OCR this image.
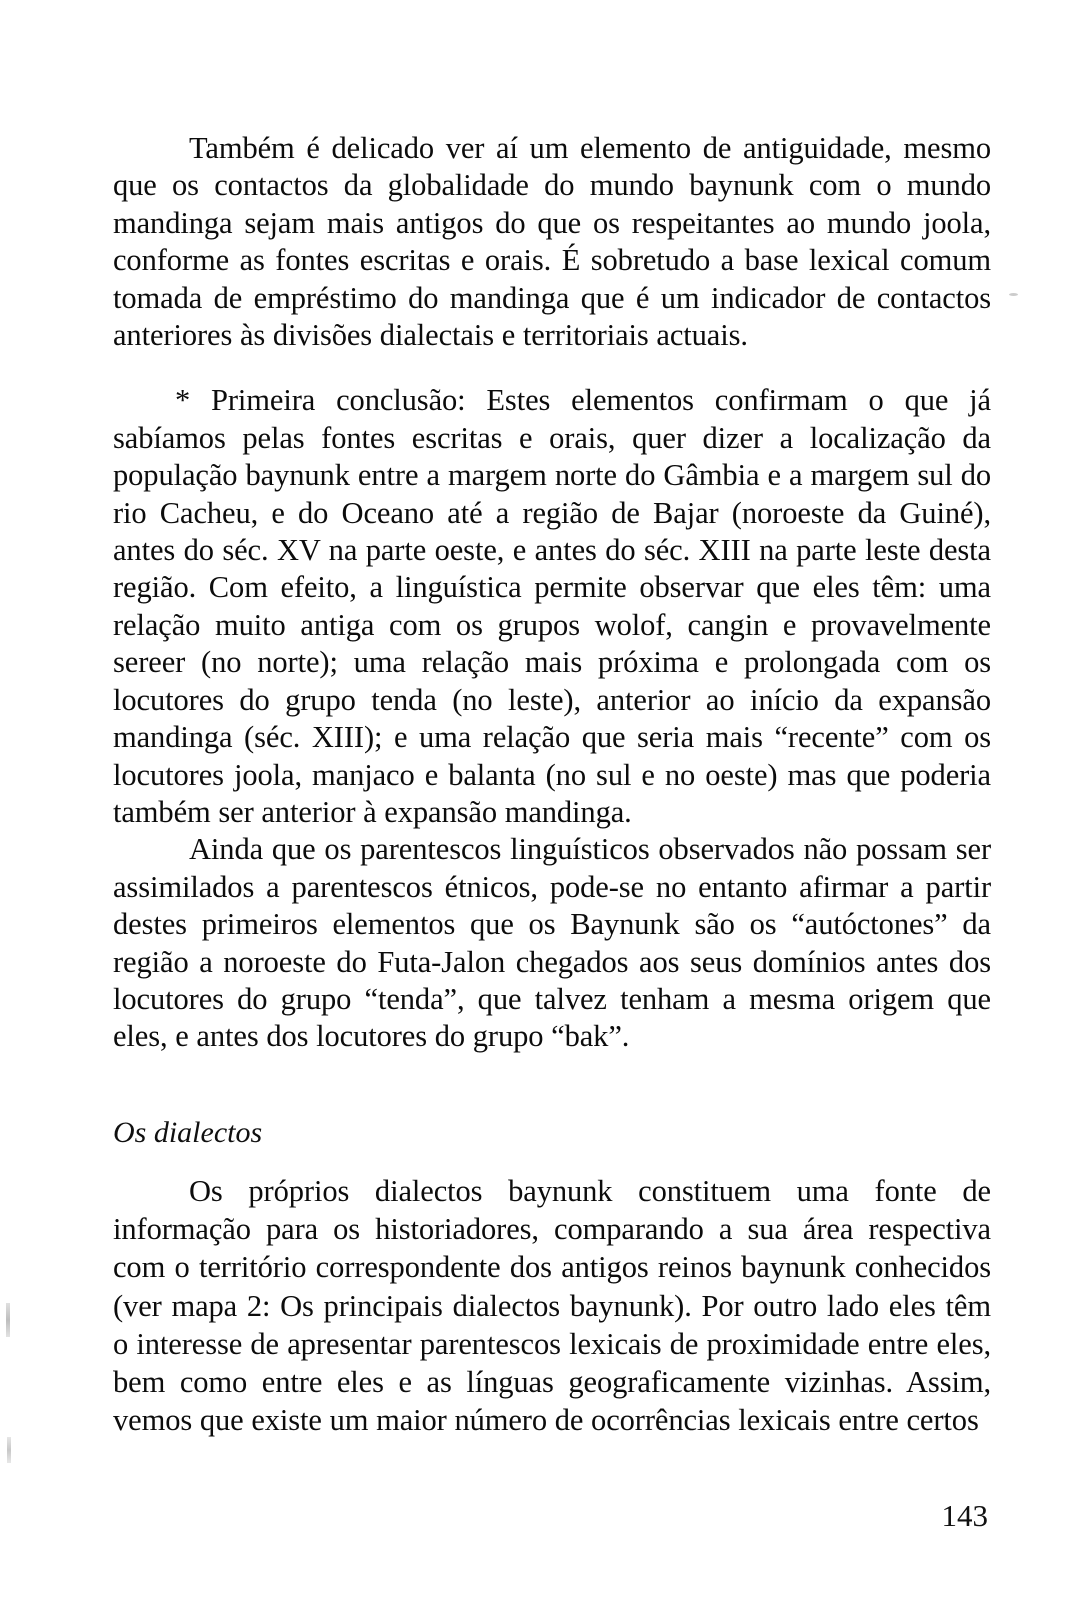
Também é delicado ver aí um elemento de antiguidade, mesmo que os contactos da globalidade do mundo baynunk com o mundo mandinga sejam mais antigos do que os respeitantes ao mundo joola, conforme as fontes escritas e orais. É sobretudo a base lexical comum tomada de empréstimo do mandinga que é um indicador de contactos anteriores às divisões dialectais e territoriais actuais.

* Primeira conclusão: Estes elementos confirmam o que já sabíamos pelas fontes escritas e orais, quer dizer a localização da população baynunk entre a margem norte do Gâmbia e a margem sul do rio Cacheu, e do Oceano até a região de Bajar (noroeste da Guiné), antes do séc. XV na parte oeste, e antes do séc. XIII na parte leste desta região. Com efeito, a linguística permite observar que eles têm: uma relação muito antiga com os grupos wolof, cangin e provavelmente sereer (no norte); uma relação mais próxima e prolongada com os locutores do grupo tenda (no leste), anterior ao início da expansão mandinga (séc. XIII); e uma relação que seria mais “recente” com os locutores joola, manjaco e balanta (no sul e no oeste) mas que poderia também ser anterior à expansão mandinga.

Ainda que os parentescos linguísticos observados não possam ser assimilados a parentescos étnicos, pode-se no entanto afirmar a partir destes primeiros elementos que os Baynunk são os “autóctones” da região a noroeste do Futa-Jalon chegados aos seus domínios antes dos locutores do grupo “tenda”, que talvez tenham a mesma origem que eles, e antes dos locutores do grupo “bak”.

Os dialectos

Os próprios dialectos baynunk constituem uma fonte de informação para os historiadores, comparando a sua área respectiva com o território correspondente dos antigos reinos baynunk conhecidos (ver mapa 2: Os principais dialectos baynunk). Por outro lado eles têm o interesse de apresentar parentescos lexicais de proximidade entre eles, bem como entre eles e as línguas geograficamente vizinhas. Assim, vemos que existe um maior número de ocorrências lexicais entre certos

143
